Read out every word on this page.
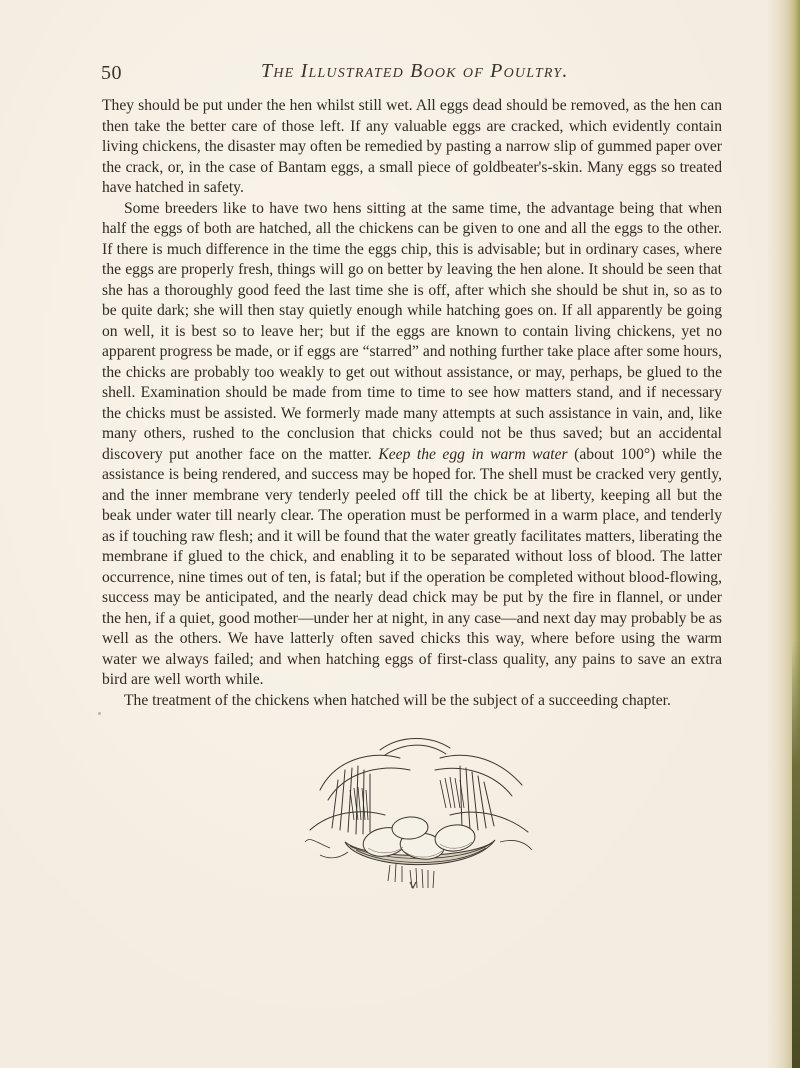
50	The Illustrated Book of Poultry.

They should be put under the hen whilst still wet. All eggs dead should be removed, as the hen can then take the better care of those left. If any valuable eggs are cracked, which evidently contain living chickens, the disaster may often be remedied by pasting a narrow slip of gummed paper over the crack, or, in the case of Bantam eggs, a small piece of goldbeater's-skin. Many eggs so treated have hatched in safety.

Some breeders like to have two hens sitting at the same time, the advantage being that when half the eggs of both are hatched, all the chickens can be given to one and all the eggs to the other. If there is much difference in the time the eggs chip, this is advisable; but in ordinary cases, where the eggs are properly fresh, things will go on better by leaving the hen alone. It should be seen that she has a thoroughly good feed the last time she is off, after which she should be shut in, so as to be quite dark; she will then stay quietly enough while hatching goes on. If all apparently be going on well, it is best so to leave her; but if the eggs are known to contain living chickens, yet no apparent progress be made, or if eggs are “starred” and nothing further take place after some hours, the chicks are probably too weakly to get out without assistance, or may, perhaps, be glued to the shell. Examination should be made from time to time to see how matters stand, and if necessary the chicks must be assisted. We formerly made many attempts at such assistance in vain, and, like many others, rushed to the conclusion that chicks could not be thus saved; but an accidental discovery put another face on the matter. Keep the egg in warm water (about 100°) while the assistance is being rendered, and success may be hoped for. The shell must be cracked very gently, and the inner membrane very tenderly peeled off till the chick be at liberty, keeping all but the beak under water till nearly clear. The operation must be performed in a warm place, and tenderly as if touching raw flesh; and it will be found that the water greatly facilitates matters, liberating the membrane if glued to the chick, and enabling it to be separated without loss of blood. The latter occurrence, nine times out of ten, is fatal; but if the operation be completed without blood-flowing, success may be anticipated, and the nearly dead chick may be put by the fire in flannel, or under the hen, if a quiet, good mother—under her at night, in any case—and next day may probably be as well as the others. We have latterly often saved chicks this way, where before using the warm water we always failed; and when hatching eggs of first-class quality, any pains to save an extra bird are well worth while.

The treatment of the chickens when hatched will be the subject of a succeeding chapter.
